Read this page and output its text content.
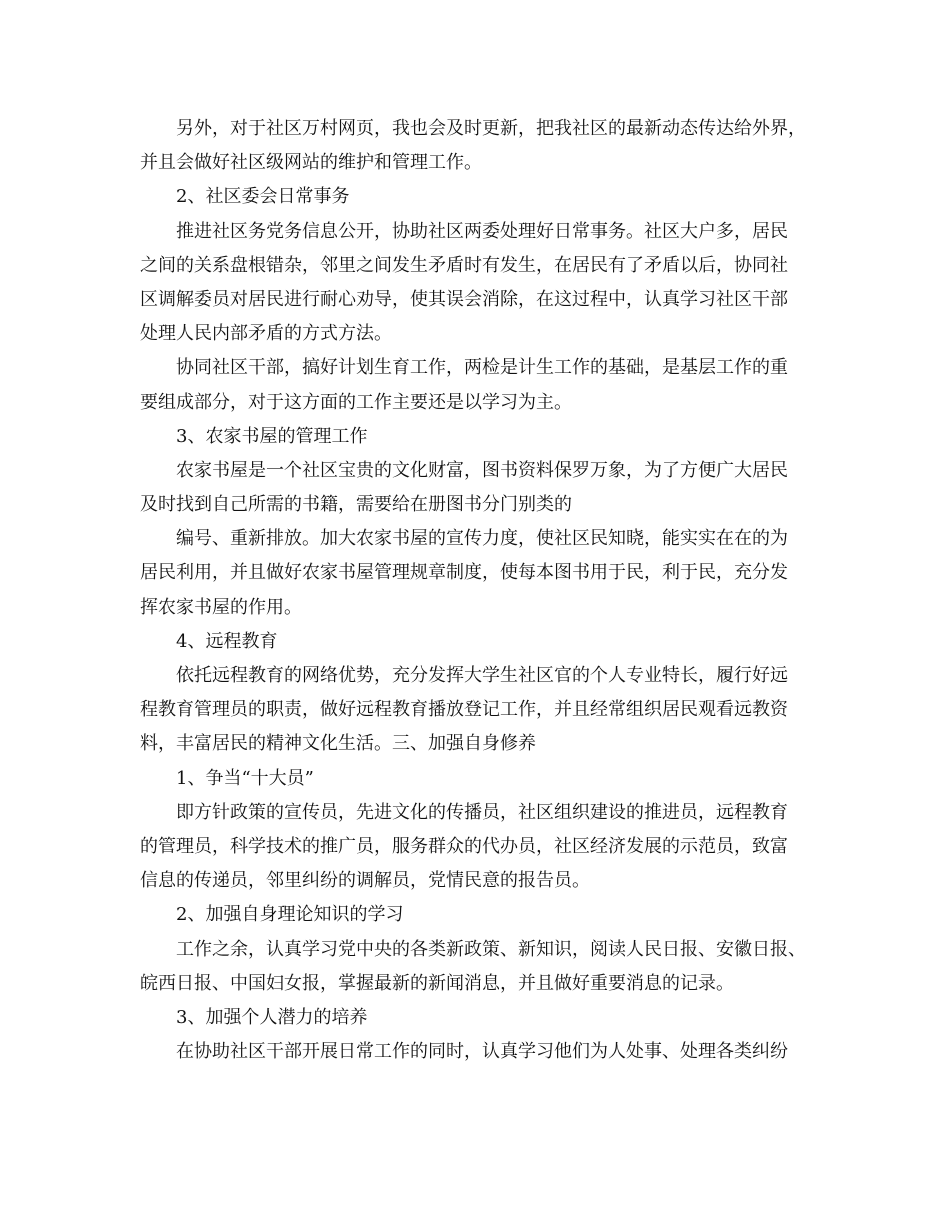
另外，对于社区万村网页，我也会及时更新，把我社区的最新动态传达给外界，
并且会做好社区级网站的维护和管理工作。
2、社区委会日常事务
推进社区务党务信息公开，协助社区两委处理好日常事务。社区大户多，居民
之间的关系盘根错杂，邻里之间发生矛盾时有发生，在居民有了矛盾以后，协同社
区调解委员对居民进行耐心劝导，使其误会消除，在这过程中，认真学习社区干部
处理人民内部矛盾的方式方法。
协同社区干部，搞好计划生育工作，两检是计生工作的基础，是基层工作的重
要组成部分，对于这方面的工作主要还是以学习为主。
3、农家书屋的管理工作
农家书屋是一个社区宝贵的文化财富，图书资料保罗万象，为了方便广大居民
及时找到自己所需的书籍，需要给在册图书分门别类的
编号、重新排放。加大农家书屋的宣传力度，使社区民知晓，能实实在在的为
居民利用，并且做好农家书屋管理规章制度，使每本图书用于民，利于民，充分发
挥农家书屋的作用。
4、远程教育
依托远程教育的网络优势，充分发挥大学生社区官的个人专业特长，履行好远
程教育管理员的职责，做好远程教育播放登记工作，并且经常组织居民观看远教资
料，丰富居民的精神文化生活。三、加强自身修养
1、争当“十大员”
即方针政策的宣传员，先进文化的传播员，社区组织建设的推进员，远程教育
的管理员，科学技术的推广员，服务群众的代办员，社区经济发展的示范员，致富
信息的传递员，邻里纠纷的调解员，党情民意的报告员。
2、加强自身理论知识的学习
工作之余，认真学习党中央的各类新政策、新知识，阅读人民日报、安徽日报、
皖西日报、中国妇女报，掌握最新的新闻消息，并且做好重要消息的记录。
3、加强个人潜力的培养
在协助社区干部开展日常工作的同时，认真学习他们为人处事、处理各类纠纷
